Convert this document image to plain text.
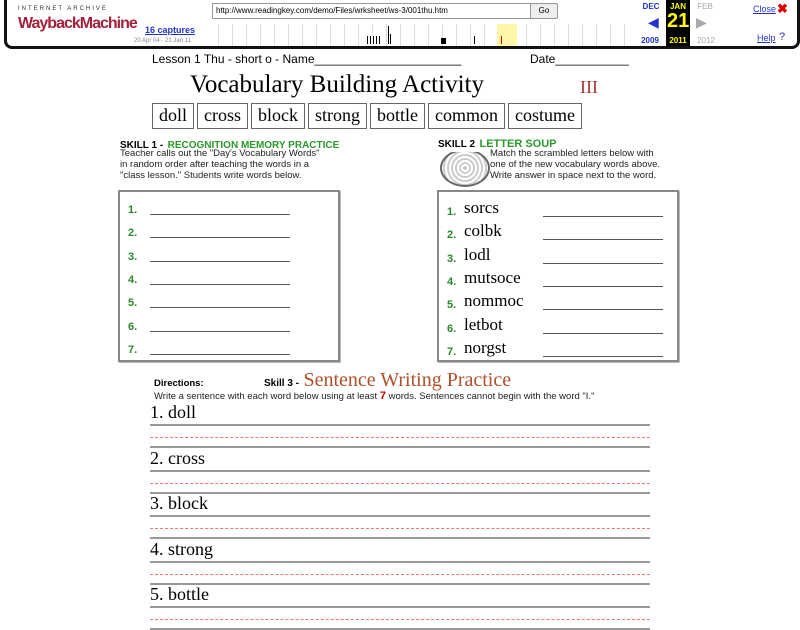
INTERNET ARCHIVE
WaybackMachine
http://www.readingkey.com/demo/Files/wrksheet/ws-3/001thu.htm	Go
16 captures
20 Apr 04 - 21 Jan 11
DEC
◀
2009
JAN
21
2011
FEB
▶
2012
Close ✖
Help ?
Lesson 1 Thu - short o - Name______________________	Date___________
Vocabulary Building Activity	III
doll cross block strong bottle common costume
SKILL 1 - RECOGNITION MEMORY PRACTICE
Teacher calls out the "Day's Vocabulary Words"
in random order after teaching the words in a
"class lesson." Students write words below.
SKILL 2 LETTER SOUP
Match the scrambled letters below with
one of the new vocabulary words above.
Write answer in space next to the word.
1.
2.
3.
4.
5.
6.
7.
1. sorcs
2. colbk
3. lodl
4. mutsoce
5. nommoc
6. letbot
7. norgst
Skill 3 - Sentence Writing Practice
Directions:
Write a sentence with each word below using at least 7 words. Sentences cannot begin with the word "I."
1. doll
2. cross
3. block
4. strong
5. bottle
